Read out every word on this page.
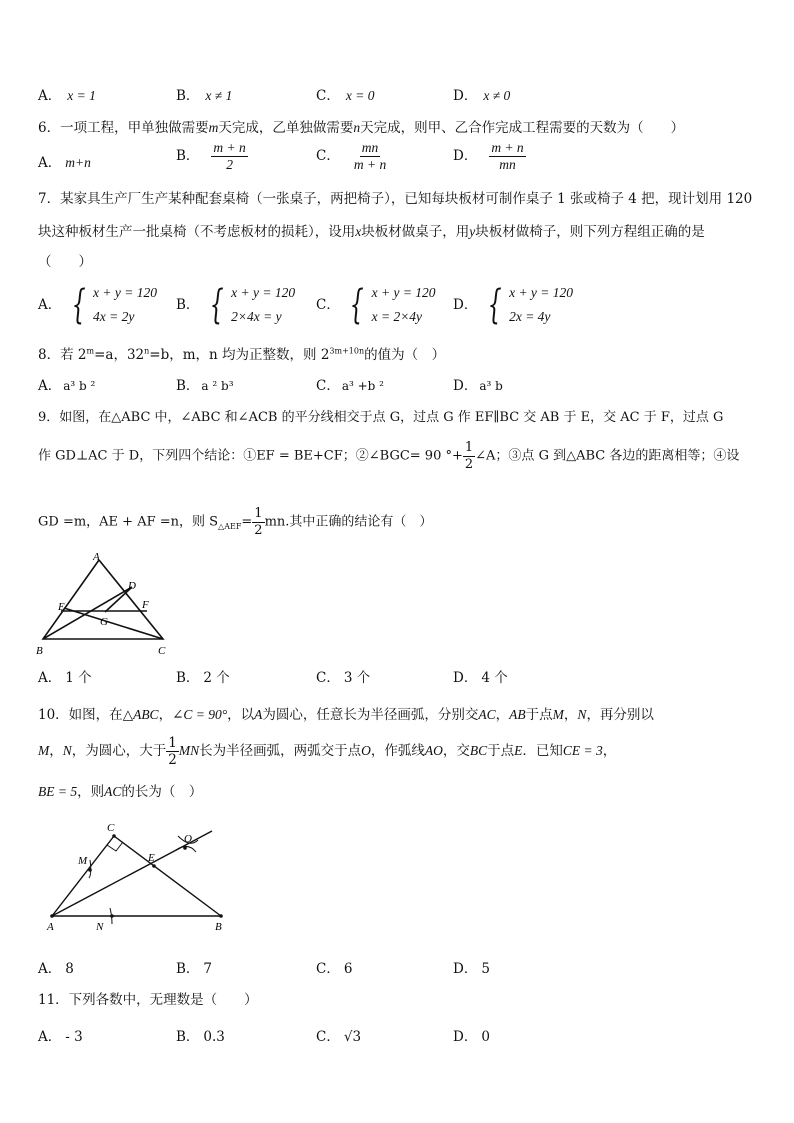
A． x = 1	B． x ≠ 1	C． x = 0	D． x ≠ 0
6．一项工程，甲单独做需要m天完成，乙单独做需要n天完成，则甲、乙合作完成工程需要的天数为（　　）
A． m+n	B． $\frac{m + n}{2}$	C． $\frac{mn}{m + n}$	D． $\frac{m + n}{mn}$
7．某家具生产厂生产某种配套桌椅（一张桌子，两把椅子），已知每块板材可制作桌子 1 张或椅子 4 把，现计划用 120
块这种板材生产一批桌椅（不考虑板材的损耗），设用x块板材做桌子，用y块板材做椅子，则下列方程组正确的是
（　　）
A． { x + y = 120
4x = 2y
B． { x + y = 120
2×4x = y
C． { x + y = 120
x = 2×4y
D． { x + y = 120
2x = 4y
8．若 $2^m=a$，$32^n=b$，m，n 均为正整数，则 $2^{3m+10n}$的值为（　）
A． a³ b ²	B． a ² b³	C． a³ +b ²	D． a³ b
9．如图，在△ABC 中，∠ABC 和∠ACB 的平分线相交于点 G，过点 G 作 EF∥BC 交 AB 于 E，交 AC 于 F，过点 G
作 GD⊥AC 于 D，下列四个结论：①EF = BE+CF；②∠BGC= 90 °+ $\frac{1}{2}$ ∠A；③点 G 到△ABC 各边的距离相等；④设
GD =m，AE + AF =n，则 $S_{\triangle AEF}= \frac{1}{2}$ mn.其中正确的结论有（　）
A
B	C
D
E	F
G
A． 1 个	B． 2 个	C． 3 个	D． 4 个
10．如图，在△ABC，∠C = 90°，以A为圆心，任意长为半径画弧，分别交AC，AB于点M，N，再分别以
M，N，为圆心，大于 $\frac{1}{2}$ MN长为半径画弧，两弧交于点O，作弧线AO，交BC于点E．已知CE = 3，
BE = 5，则AC的长为（　）
C
M	E
O
A	N	B
A． 8	B． 7	C． 6	D． 5
11．下列各数中，无理数是（　　）
A． - 3	B． 0.3	C． √3	D． 0
